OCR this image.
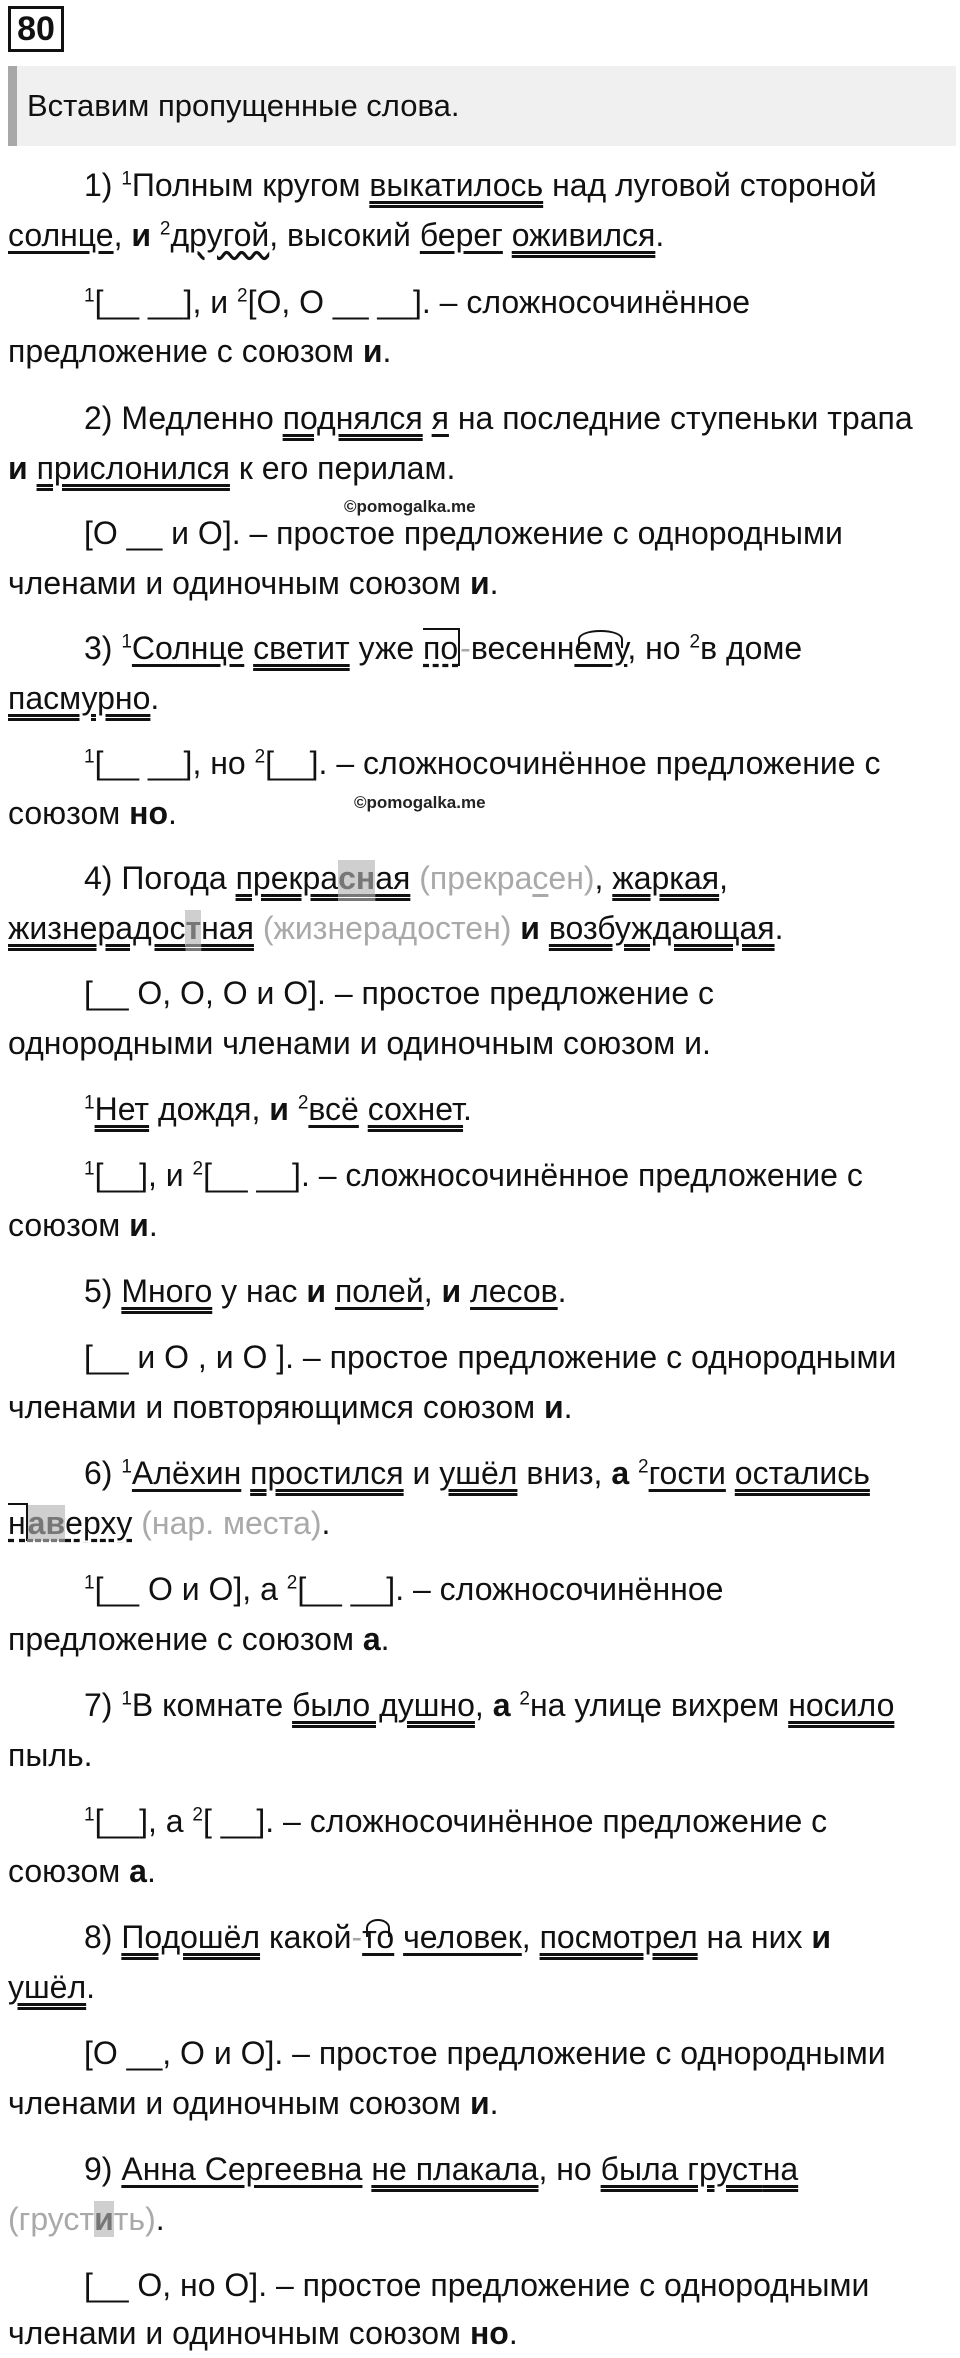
80
Вставим пропущенные слова.
1) $^1$Полным кругом выкатилось над луговой стороной
солнце, и $^2$другой, высокий берег оживился.
$^1$[__ __], и $^2$[О, О __ __]. – сложносочинённое
предложение с союзом и.
2) Медленно поднялся я на последние ступеньки трапа
и прислонился к его перилам.
©pomogalka.me
[О __ и О]. – простое предложение с однородными
членами и одиночным союзом и.
3) $^1$Солнце светит уже по-весеннему, но $^2$в доме
пасмурно.
$^1$[__ __], но $^2$[__]. – сложносочинённое предложение с
союзом но.	©pomogalka.me
4) Погода прекрасная (прекрасен), жаркая,
жизнерадостная (жизнерадостен) и возбуждающая.
[__ О, О, О и О]. – простое предложение с
однородными членами и одиночным союзом и.
$^1$Нет дождя, и $^2$всё сохнет.
$^1$[__], и $^2$[__ __]. – сложносочинённое предложение с
союзом и.
5) Много у нас и полей, и лесов.
[__ и О , и О ]. – простое предложение с однородными
членами и повторяющимся союзом и.
6) $^1$Алёхин простился и ушёл вниз, а $^2$гости остались
наверху (нар. места).
$^1$[__ О и О], а $^2$[__ __]. – сложносочинённое
предложение с союзом а.
7) $^1$В комнате было душно, а $^2$на улице вихрем носило
пыль.
$^1$[__], а $^2$[ __]. – сложносочинённое предложение с
союзом а.
8) Подошёл какой-то человек, посмотрел на них и
ушёл.
[О __, О и О]. – простое предложение с однородными
членами и одиночным союзом и.
9) Анна Сергеевна не плакала, но была грустна
(грустить).
[__ О, но О]. – простое предложение с однородными
членами и одиночным союзом но.
